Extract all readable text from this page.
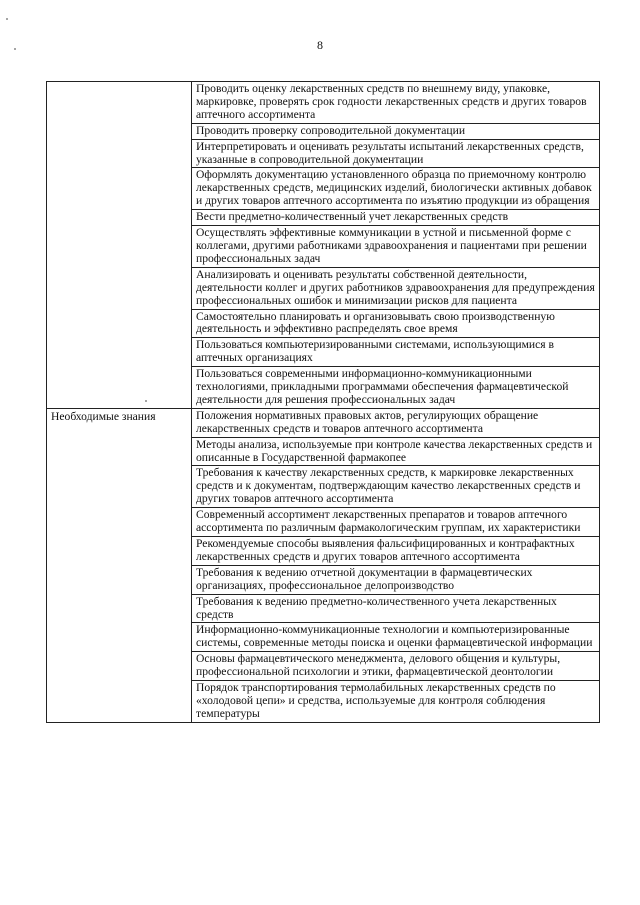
8
	Проводить оценку лекарственных средств по внешнему виду, упаковке, маркировке, проверять срок годности лекарственных средств и других товаров аптечного ассортимента
	Проводить проверку сопроводительной документации
	Интерпретировать и оценивать результаты испытаний лекарственных средств, указанные в сопроводительной документации
	Оформлять документацию установленного образца по приемочному контролю лекарственных средств, медицинских изделий, биологически активных добавок и других товаров аптечного ассортимента по изъятию продукции из обращения
	Вести предметно-количественный учет лекарственных средств
	Осуществлять эффективные коммуникации в устной и письменной форме с коллегами, другими работниками здравоохранения и пациентами при решении профессиональных задач
	Анализировать и оценивать результаты собственной деятельности, деятельности коллег и других работников здравоохранения для предупреждения профессиональных ошибок и минимизации рисков для пациента
	Самостоятельно планировать и организовывать свою производственную деятельность и эффективно распределять свое время
	Пользоваться компьютеризированными системами, использующимися в аптечных организациях
	Пользоваться современными информационно-коммуникационными технологиями, прикладными программами обеспечения фармацевтической деятельности для решения профессиональных задач

Необходимые знания	Положения нормативных правовых актов, регулирующих обращение лекарственных средств и товаров аптечного ассортимента
	Методы анализа, используемые при контроле качества лекарственных средств и описанные в Государственной фармакопее
	Требования к качеству лекарственных средств, к маркировке лекарственных средств и к документам, подтверждающим качество лекарственных средств и других товаров аптечного ассортимента
	Современный ассортимент лекарственных препаратов и товаров аптечного ассортимента по различным фармакологическим группам, их характеристики
	Рекомендуемые способы выявления фальсифицированных и контрафактных лекарственных средств и других товаров аптечного ассортимента
	Требования к ведению отчетной документации в фармацевтических организациях, профессиональное делопроизводство
	Требования к ведению предметно-количественного учета лекарственных средств
	Информационно-коммуникационные технологии и компьютеризированные системы, современные методы поиска и оценки фармацевтической информации
	Основы фармацевтического менеджмента, делового общения и культуры, профессиональной психологии и этики, фармацевтической деонтологии
	Порядок транспортирования термолабильных лекарственных средств по «холодовой цепи» и средства, используемые для контроля соблюдения температуры
